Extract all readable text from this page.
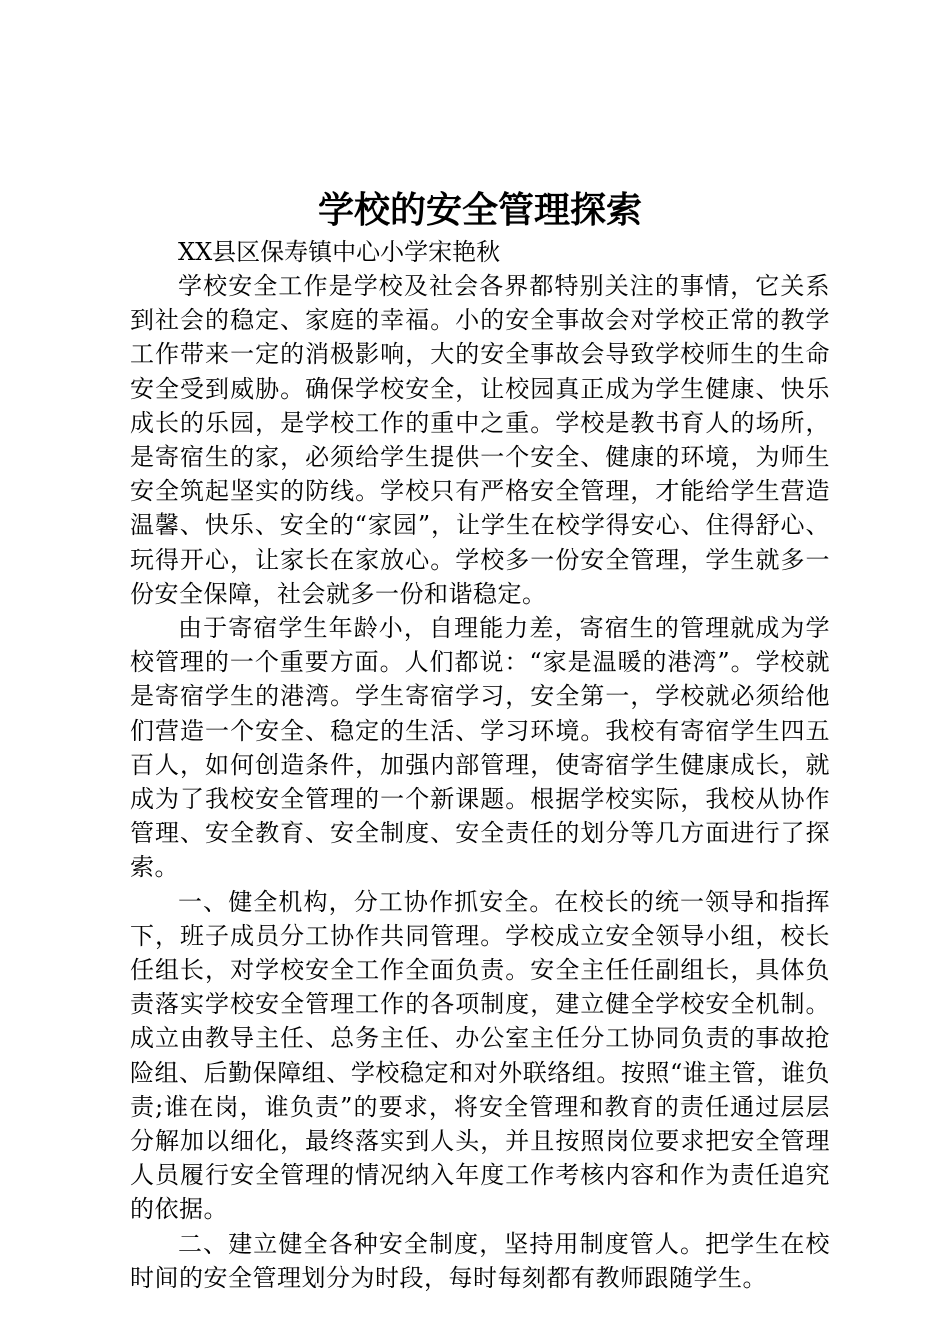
学校的安全管理探索

XX县区保寿镇中心小学宋艳秋

学校安全工作是学校及社会各界都特别关注的事情，它关系到社会的稳定、家庭的幸福。小的安全事故会对学校正常的教学工作带来一定的消极影响，大的安全事故会导致学校师生的生命安全受到威胁。确保学校安全，让校园真正成为学生健康、快乐成长的乐园，是学校工作的重中之重。学校是教书育人的场所，是寄宿生的家，必须给学生提供一个安全、健康的环境，为师生安全筑起坚实的防线。学校只有严格安全管理，才能给学生营造温馨、快乐、安全的“家园”，让学生在校学得安心、住得舒心、玩得开心，让家长在家放心。学校多一份安全管理，学生就多一份安全保障，社会就多一份和谐稳定。

由于寄宿学生年龄小，自理能力差，寄宿生的管理就成为学校管理的一个重要方面。人们都说：“家是温暖的港湾”。学校就是寄宿学生的港湾。学生寄宿学习，安全第一，学校就必须给他们营造一个安全、稳定的生活、学习环境。我校有寄宿学生四五百人，如何创造条件，加强内部管理，使寄宿学生健康成长，就成为了我校安全管理的一个新课题。根据学校实际，我校从协作管理、安全教育、安全制度、安全责任的划分等几方面进行了探索。

一、健全机构，分工协作抓安全。在校长的统一领导和指挥下，班子成员分工协作共同管理。学校成立安全领导小组，校长任组长，对学校安全工作全面负责。安全主任任副组长，具体负责落实学校安全管理工作的各项制度，建立健全学校安全机制。成立由教导主任、总务主任、办公室主任分工协同负责的事故抢险组、后勤保障组、学校稳定和对外联络组。按照“谁主管，谁负责;谁在岗，谁负责”的要求，将安全管理和教育的责任通过层层分解加以细化，最终落实到人头，并且按照岗位要求把安全管理人员履行安全管理的情况纳入年度工作考核内容和作为责任追究的依据。

二、建立健全各种安全制度，坚持用制度管人。把学生在校时间的安全管理划分为时段，每时每刻都有教师跟随学生。
